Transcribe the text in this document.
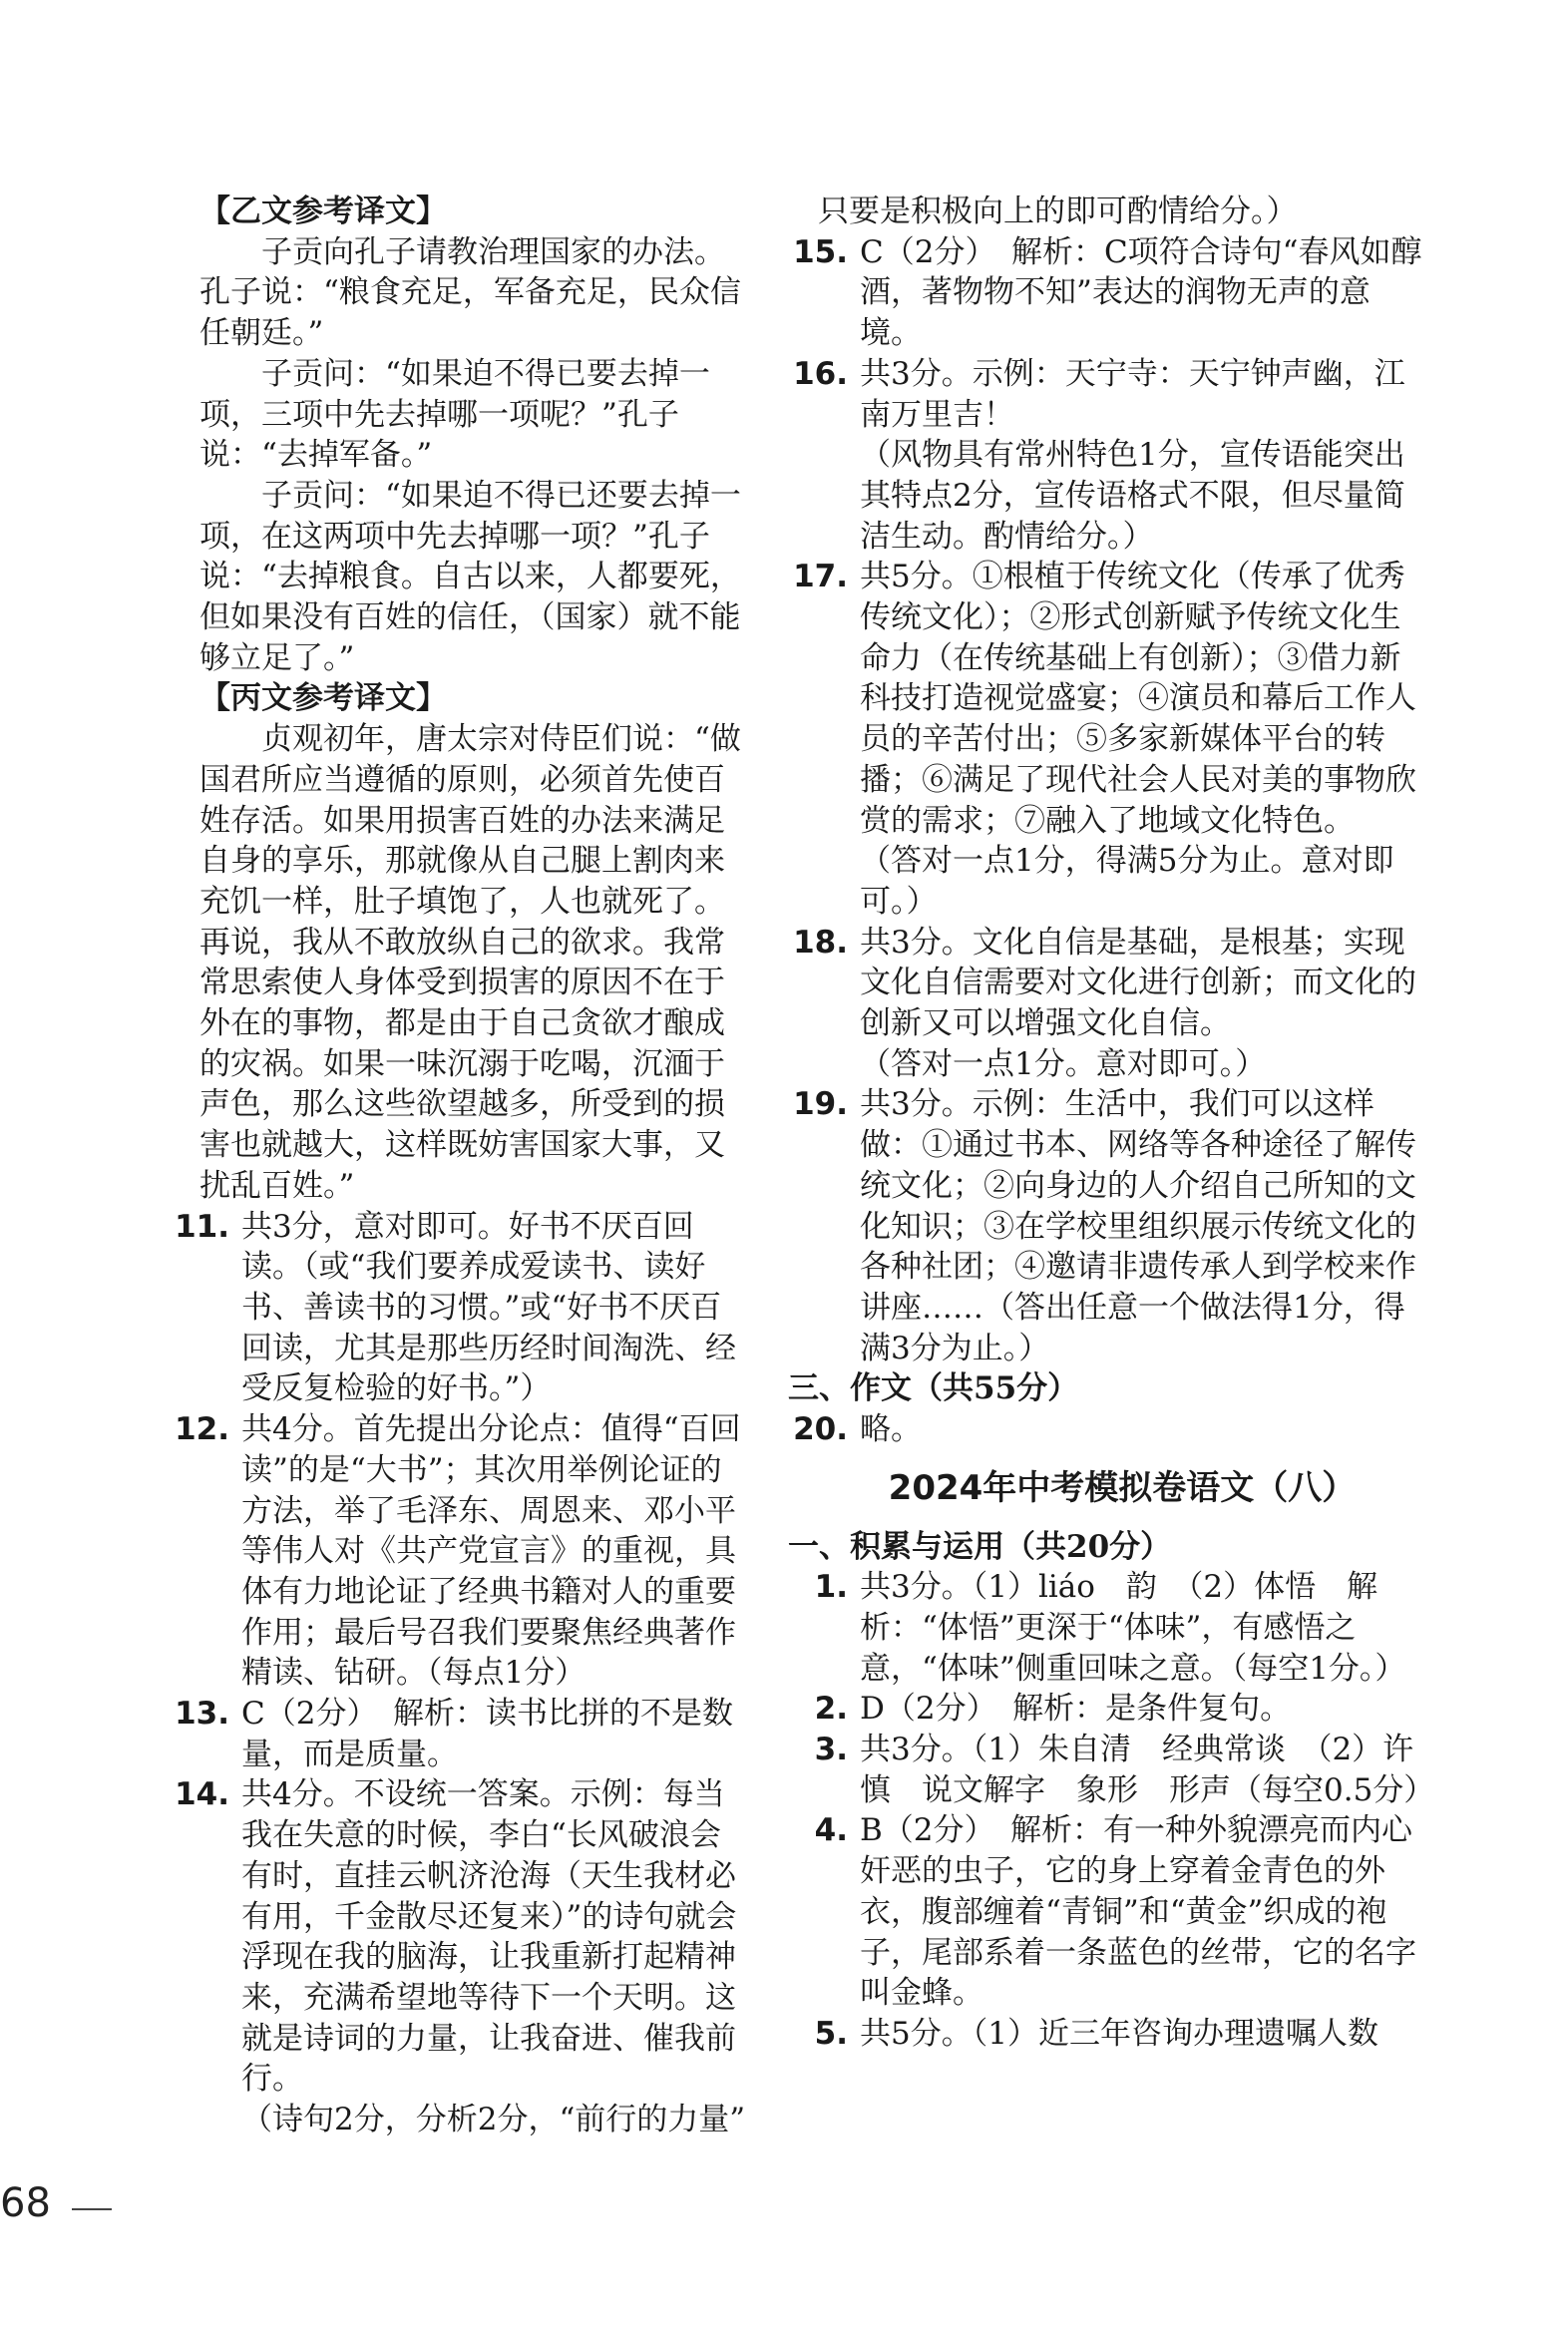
【乙文参考译文】

子贡向孔子请教治理国家的办法。孔子说：“粮食充足，军备充足，民众信任朝廷。”

子贡问：“如果迫不得已要去掉一项，三项中先去掉哪一项呢？”孔子说：“去掉军备。”

子贡问：“如果迫不得已还要去掉一项，在这两项中先去掉哪一项？”孔子说：“去掉粮食。自古以来，人都要死，但如果没有百姓的信任，（国家）就不能够立足了。”

【丙文参考译文】

贞观初年，唐太宗对侍臣们说：“做国君所应当遵循的原则，必须首先使百姓存活。如果用损害百姓的办法来满足自身的享乐，那就像从自己腿上割肉来充饥一样，肚子填饱了，人也就死了。再说，我从不敢放纵自己的欲求。我常常思索使人身体受到损害的原因不在于外在的事物，都是由于自己贪欲才酿成的灾祸。如果一味沉溺于吃喝，沉湎于声色，那么这些欲望越多，所受到的损害也就越大，这样既妨害国家大事，又扰乱百姓。”

11. 共3分，意对即可。好书不厌百回读。（或“我们要养成爱读书、读好书、善读书的习惯。”或“好书不厌百回读，尤其是那些历经时间淘洗、经受反复检验的好书。”）
12. 共4分。首先提出分论点：值得“百回读”的是“大书”；其次用举例论证的方法，举了毛泽东、周恩来、邓小平等伟人对《共产党宣言》的重视，具体有力地论证了经典书籍对人的重要作用；最后号召我们要聚焦经典著作精读、钻研。（每点1分）
13. C（2分）　解析：读书比拼的不是数量，而是质量。
14. 共4分。不设统一答案。示例：每当我在失意的时候，李白“长风破浪会有时，直挂云帆济沧海（天生我材必有用，千金散尽还复来）”的诗句就会浮现在我的脑海，让我重新打起精神来，充满希望地等待下一个天明。这就是诗词的力量，让我奋进、催我前行。
（诗句2分，分析2分，“前行的力量”
只要是积极向上的即可酌情给分。）
15. C（2分）　解析：C项符合诗句“春风如醇酒，著物物不知”表达的润物无声的意境。
16. 共3分。示例：天宁寺：天宁钟声幽，江南万里吉！
（风物具有常州特色1分，宣传语能突出其特点2分，宣传语格式不限，但尽量简洁生动。酌情给分。）
17. 共5分。①根植于传统文化（传承了优秀传统文化）；②形式创新赋予传统文化生命力（在传统基础上有创新）；③借力新科技打造视觉盛宴；④演员和幕后工作人员的辛苦付出；⑤多家新媒体平台的转播；⑥满足了现代社会人民对美的事物欣赏的需求；⑦融入了地域文化特色。
（答对一点1分，得满5分为止。意对即可。）
18. 共3分。文化自信是基础，是根基；实现文化自信需要对文化进行创新；而文化的创新又可以增强文化自信。
（答对一点1分。意对即可。）
19. 共3分。示例：生活中，我们可以这样做：①通过书本、网络等各种途径了解传统文化；②向身边的人介绍自己所知的文化知识；③在学校里组织展示传统文化的各种社团；④邀请非遗传承人到学校来作讲座……（答出任意一个做法得1分，得满3分为止。）
三、作文（共55分）
20. 略。
2024年中考模拟卷语文（八）
一、积累与运用（共20分）
1. 共3分。（1）liáo　韵　（2）体悟　解析：“体悟”更深于“体味”，有感悟之意，“体味”侧重回味之意。（每空1分。）
2. D（2分）　解析：是条件复句。
3. 共3分。（1）朱自清　经典常谈　（2）许慎　说文解字　象形　形声（每空0.5分）
4. B（2分）　解析：有一种外貌漂亮而内心奸恶的虫子，它的身上穿着金青色的外衣，腹部缠着“青铜”和“黄金”织成的袍子，尾部系着一条蓝色的丝带，它的名字叫金蜂。
5. 共5分。（1）近三年咨询办理遗嘱人数
68
